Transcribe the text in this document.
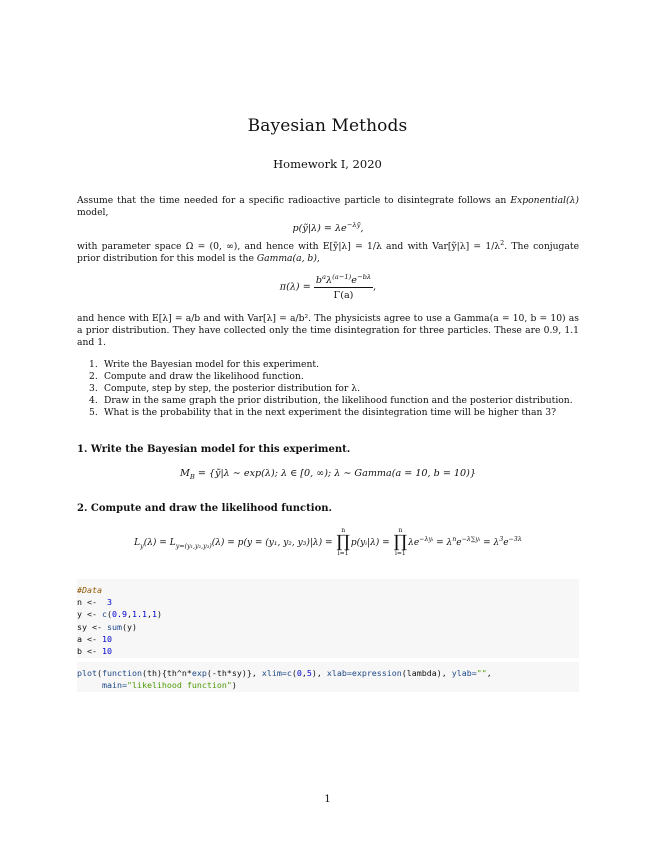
Bayesian Methods
Homework I, 2020
Assume that the time needed for a specific radioactive particle to disintegrate follows an Exponential(λ) model,
p(ỹ|λ) = $\lambda e^{-\lambda ỹ}$,
with parameter space Ω = (0, ∞), and hence with E[ỹ|λ] = 1/λ and with Var[ỹ|λ] = $1/\lambda^2$. The conjugate prior distribution for this model is the Gamma(a, b),
$\pi(\lambda) = \frac{b^a\lambda^{(a-1)}e^{-b\lambda}}{\Gamma(a)}$ ,
and hence with E[λ] = a/b and with Var[λ] = a/b². The physicists agree to use a Gamma(a = 10, b = 10) as a prior distribution. They have collected only the time disintegration for three particles. These are 0.9, 1.1 and 1.
1. Write the Bayesian model for this experiment.
2. Compute and draw the likelihood function.
3. Compute, step by step, the posterior distribution for λ.
4. Draw in the same graph the prior distribution, the likelihood function and the posterior distribution.
5. What is the probability that in the next experiment the disintegration time will be higher than 3?
1. Write the Bayesian model for this experiment.
$M_B$ = {ỹ|λ ∼ exp(λ); λ ∈ [0, ∞); λ ∼ Gamma(a = 10, b = 10)}
2. Compute and draw the likelihood function.
$L_y(\lambda) = L_{y=(y_1,y_2,y_3)}(\lambda) = p(y = (y_1$, y₂, y₃)|λ) =
n
∏
i=1
p(yᵢ|λ) =
n
∏
i=1
$\lambda e^{-\lambda yᵢ} = \lambda^ne^{-\lambda\sum yᵢ} = \lambda^3e^{-3\lambda}$
#Data
n <-  3
y <- c(0.9,1.1,1)
sy <- sum(y)
a <- 10
b <- 10
plot(function(th){th^n*exp(-th*sy)}, xlim=c(0,5), xlab=expression(lambda), ylab="",
main="likelihood function")
1
